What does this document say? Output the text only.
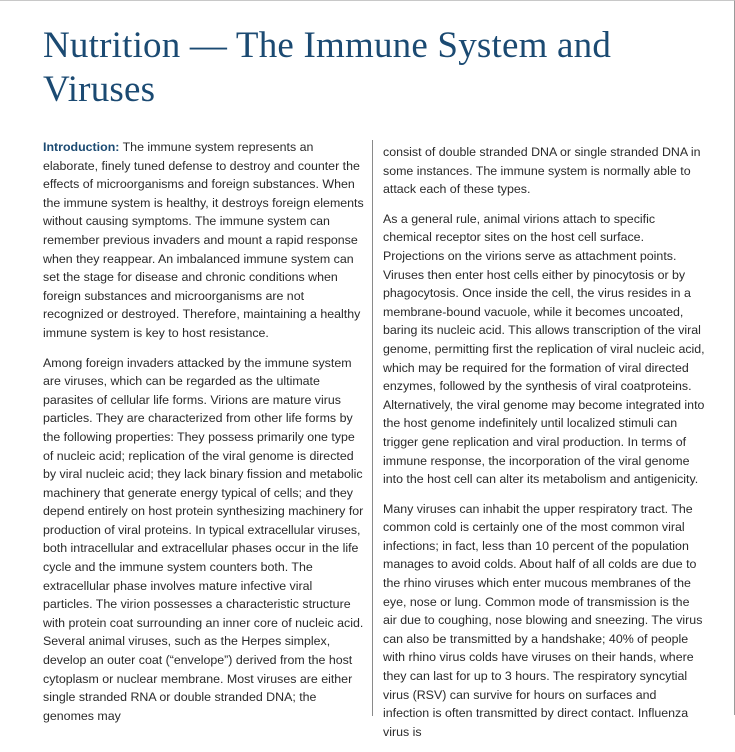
Nutrition — The Immune System and Viruses

Introduction: The immune system represents an elaborate, finely tuned defense to destroy and counter the effects of microorganisms and foreign substances. When the immune system is healthy, it destroys foreign elements without causing symptoms. The immune system can remember previous invaders and mount a rapid response when they reappear. An imbalanced immune system can set the stage for disease and chronic conditions when foreign substances and microorganisms are not recognized or destroyed. Therefore, maintaining a healthy immune system is key to host resistance.

Among foreign invaders attacked by the immune system are viruses, which can be regarded as the ultimate parasites of cellular life forms. Virions are mature virus particles. They are characterized from other life forms by the following properties: They possess primarily one type of nucleic acid; replication of the viral genome is directed by viral nucleic acid; they lack binary fission and metabolic machinery that generate energy typical of cells; and they depend entirely on host protein synthesizing machinery for production of viral proteins. In typical extracellular viruses, both intracellular and extracellular phases occur in the life cycle and the immune system counters both. The extracellular phase involves mature infective viral particles. The virion possesses a characteristic structure with protein coat surrounding an inner core of nucleic acid. Several animal viruses, such as the Herpes simplex, develop an outer coat (“envelope”) derived from the host cytoplasm or nuclear membrane. Most viruses are either single stranded RNA or double stranded DNA; the genomes may

consist of double stranded DNA or single stranded DNA in some instances. The immune system is normally able to attack each of these types.

As a general rule, animal virions attach to specific chemical receptor sites on the host cell surface. Projections on the virions serve as attachment points. Viruses then enter host cells either by pinocytosis or by phagocytosis. Once inside the cell, the virus resides in a membrane-bound vacuole, while it becomes uncoated, baring its nucleic acid. This allows transcription of the viral genome, permitting first the replication of viral nucleic acid, which may be required for the formation of viral directed enzymes, followed by the synthesis of viral coatproteins. Alternatively, the viral genome may become integrated into the host genome indefinitely until localized stimuli can trigger gene replication and viral production. In terms of immune response, the incorporation of the viral genome into the host cell can alter its metabolism and antigenicity.

Many viruses can inhabit the upper respiratory tract. The common cold is certainly one of the most common viral infections; in fact, less than 10 percent of the population manages to avoid colds. About half of all colds are due to the rhino viruses which enter mucous membranes of the eye, nose or lung. Common mode of transmission is the air due to coughing, nose blowing and sneezing. The virus can also be transmitted by a handshake; 40% of people with rhino virus colds have viruses on their hands, where they can last for up to 3 hours. The respiratory syncytial virus (RSV) can survive for hours on surfaces and infection is often transmitted by direct contact. Influenza virus is
